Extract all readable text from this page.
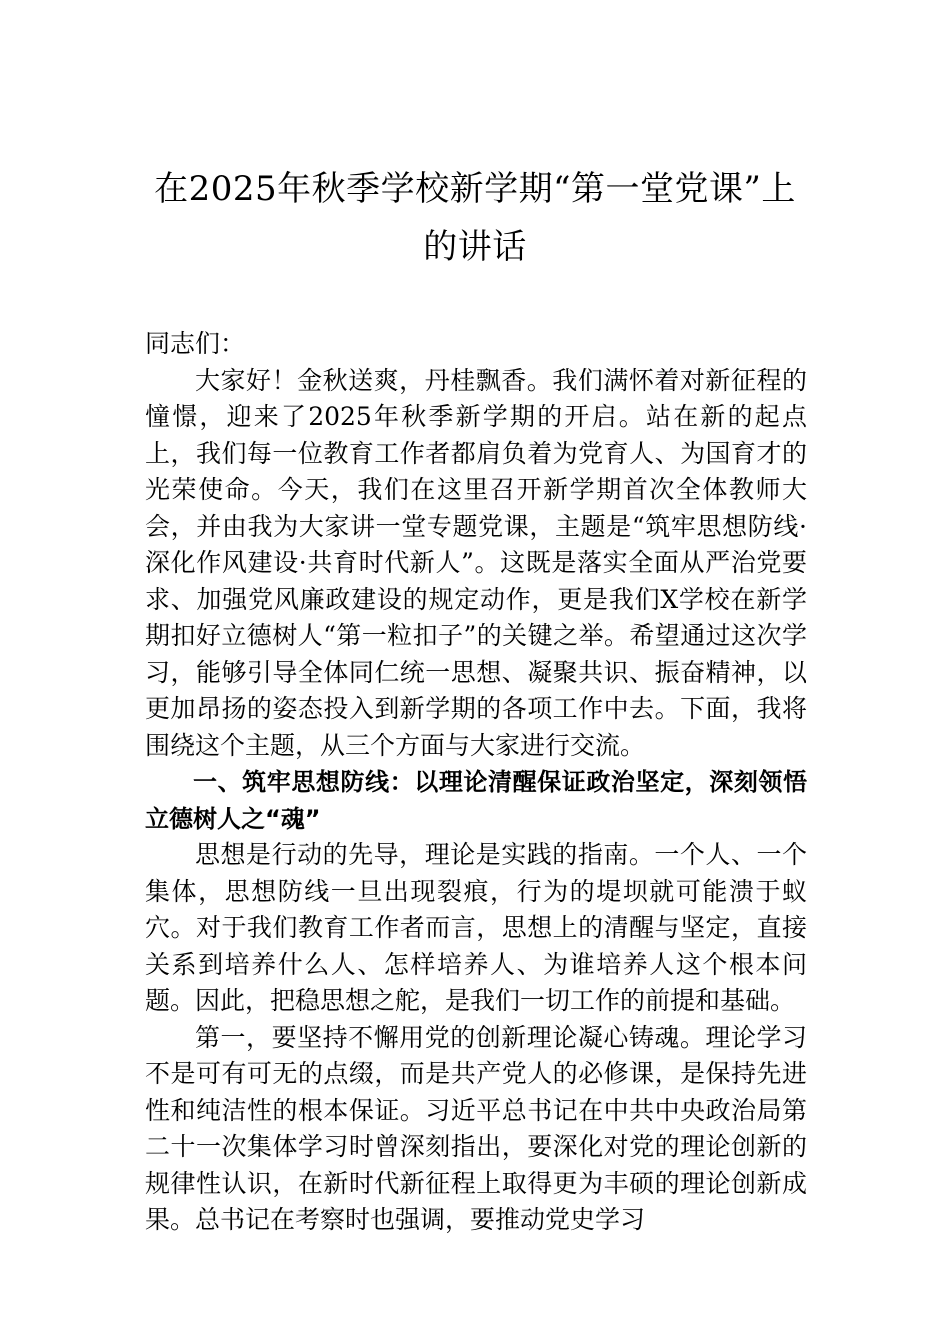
在2025年秋季学校新学期“第一堂党课”上的讲话

同志们：

大家好！金秋送爽，丹桂飘香。我们满怀着对新征程的憧憬，迎来了2025年秋季新学期的开启。站在新的起点上，我们每一位教育工作者都肩负着为党育人、为国育才的光荣使命。今天，我们在这里召开新学期首次全体教师大会，并由我为大家讲一堂专题党课，主题是“筑牢思想防线·深化作风建设·共育时代新人”。这既是落实全面从严治党要求、加强党风廉政建设的规定动作，更是我们X学校在新学期扣好立德树人“第一粒扣子”的关键之举。希望通过这次学习，能够引导全体同仁统一思想、凝聚共识、振奋精神，以更加昂扬的姿态投入到新学期的各项工作中去。下面，我将围绕这个主题，从三个方面与大家进行交流。

一、筑牢思想防线：以理论清醒保证政治坚定，深刻领悟立德树人之“魂”

思想是行动的先导，理论是实践的指南。一个人、一个集体，思想防线一旦出现裂痕，行为的堤坝就可能溃于蚁穴。对于我们教育工作者而言，思想上的清醒与坚定，直接关系到培养什么人、怎样培养人、为谁培养人这个根本问题。因此，把稳思想之舵，是我们一切工作的前提和基础。

第一，要坚持不懈用党的创新理论凝心铸魂。理论学习不是可有可无的点缀，而是共产党人的必修课，是保持先进性和纯洁性的根本保证。习近平总书记在中共中央政治局第二十一次集体学习时曾深刻指出，要深化对党的理论创新的规律性认识，在新时代新征程上取得更为丰硕的理论创新成果。总书记在考察时也强调，要推动党史学习
